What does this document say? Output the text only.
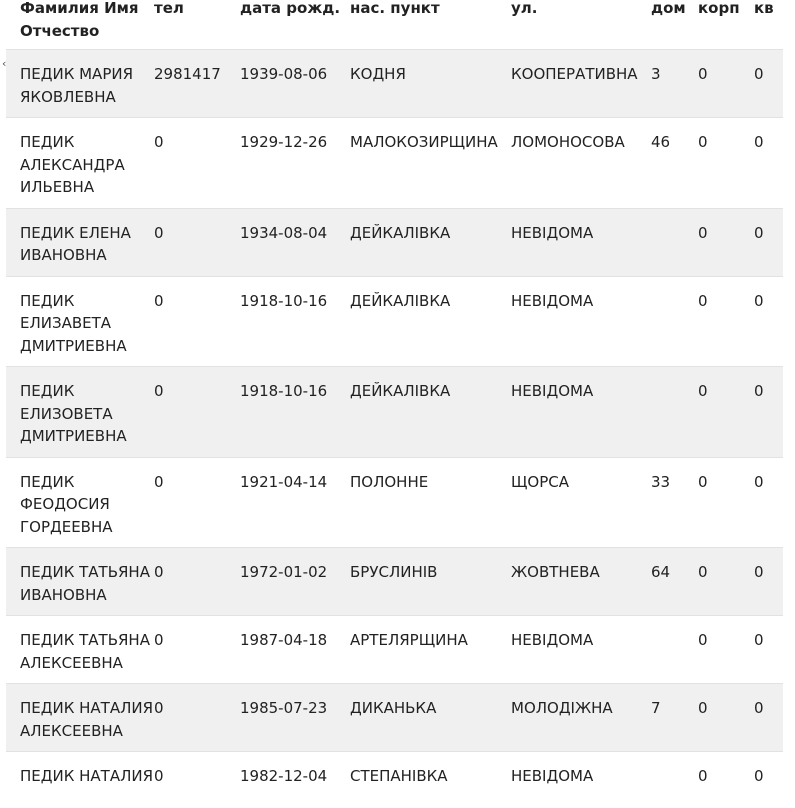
‹
Фамилия Имя Отчество	тел	дата рожд.	нас. пункт	ул.	дом	корп	кв
ПЕДИК МАРИЯ ЯКОВЛЕВНА	2981417	1939-08-06	КОДНЯ	КООПЕРАТИВНА	3	0	0
ПЕДИК АЛЕКСАНДРА ИЛЬЕВНА	0	1929-12-26	МАЛОКОЗИРЩИНА	ЛОМОНОСОВА	46	0	0
ПЕДИК ЕЛЕНА ИВАНОВНА	0	1934-08-04	ДЕЙКАЛІВКА	НЕВІДОМА		0	0
ПЕДИК ЕЛИЗАВЕТА ДМИТРИЕВНА	0	1918-10-16	ДЕЙКАЛІВКА	НЕВІДОМА		0	0
ПЕДИК ЕЛИЗОВЕТА ДМИТРИЕВНА	0	1918-10-16	ДЕЙКАЛІВКА	НЕВІДОМА		0	0
ПЕДИК ФЕОДОСИЯ ГОРДЕЕВНА	0	1921-04-14	ПОЛОННЕ	ЩОРСА	33	0	0
ПЕДИК ТАТЬЯНА ИВАНОВНА	0	1972-01-02	БРУСЛИНІВ	ЖОВТНЕВА	64	0	0
ПЕДИК ТАТЬЯНА АЛЕКСЕЕВНА	0	1987-04-18	АРТЕЛЯРЩИНА	НЕВІДОМА		0	0
ПЕДИК НАТАЛИЯ АЛЕКСЕЕВНА	0	1985-07-23	ДИКАНЬКА	МОЛОДІЖНА	7	0	0
ПЕДИК НАТАЛИЯ	0	1982-12-04	СТЕПАНІВКА	НЕВІДОМА		0	0
